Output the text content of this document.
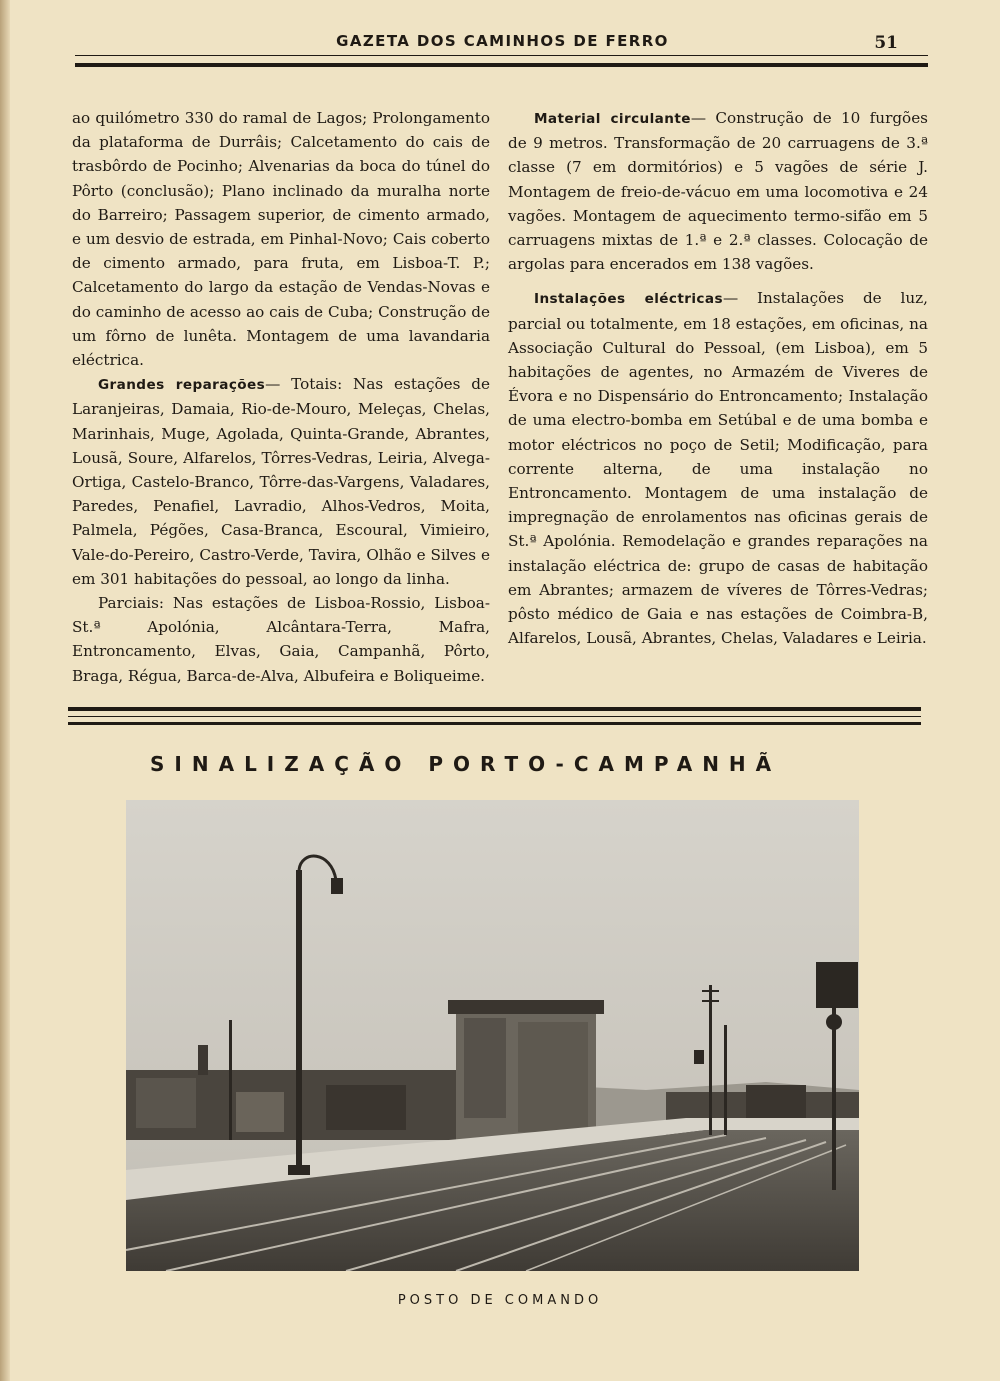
GAZETA DOS CAMINHOS DE FERRO	51

ao quilómetro 330 do ramal de Lagos; Prolongamento da plataforma de Durrâis; Calcetamento do cais de trasbôrdo de Pocinho; Alvenarias da boca do túnel do Pôrto (conclusão); Plano inclinado da muralha norte do Barreiro; Passagem superior, de cimento armado, e um desvio de estrada, em Pinhal-Novo; Cais coberto de cimento armado, para fruta, em Lisboa-T. P.; Calcetamento do largo da estação de Vendas-Novas e do caminho de acesso ao cais de Cuba; Construção de um fôrno de lunêta. Montagem de uma lavandaria eléctrica.

Grandes reparações— Totais: Nas estações de Laranjeiras, Damaia, Rio-de-Mouro, Meleças, Chelas, Marinhais, Muge, Agolada, Quinta-Grande, Abrantes, Lousã, Soure, Alfarelos, Tôrres-Vedras, Leiria, Alvega-Ortiga, Castelo-Branco, Tôrre-das-Vargens, Valadares, Paredes, Penafiel, Lavradio, Alhos-Vedros, Moita, Palmela, Pégões, Casa-Branca, Escoural, Vimieiro, Vale-do-Pereiro, Castro-Verde, Tavira, Olhão e Silves e em 301 habitações do pessoal, ao longo da linha.

Parciais: Nas estações de Lisboa-Rossio, Lisboa-St.ª Apolónia, Alcântara-Terra, Mafra, Entroncamento, Elvas, Gaia, Campanhã, Pôrto, Braga, Régua, Barca-de-Alva, Albufeira e Boliqueime.

Material circulante— Construção de 10 furgões de 9 metros. Transformação de 20 carruagens de 3.ª classe (7 em dormitórios) e 5 vagões de série J. Montagem de freio-de-vácuo em uma locomotiva e 24 vagões. Montagem de aquecimento termo-sifão em 5 carruagens mixtas de 1.ª e 2.ª classes. Colocação de argolas para encerados em 138 vagões.

Instalações eléctricas— Instalações de luz, parcial ou totalmente, em 18 estações, em oficinas, na Associação Cultural do Pessoal, (em Lisboa), em 5 habitações de agentes, no Armazém de Viveres de Évora e no Dispensário do Entroncamento; Instalação de uma electro-bomba em Setúbal e de uma bomba e motor eléctricos no poço de Setil; Modificação, para corrente alterna, de uma instalação no Entroncamento. Montagem de uma instalação de impregnação de enrolamentos nas oficinas gerais de St.ª Apolónia. Remodelação e grandes reparações na instalação eléctrica de: grupo de casas de habitação em Abrantes; armazem de víveres de Tôrres-Vedras; pôsto médico de Gaia e nas estações de Coimbra-B, Alfarelos, Lousã, Abrantes, Chelas, Valadares e Leiria.

SINALIZAÇÃO PORTO-CAMPANHÃ
POSTO DE COMANDO
